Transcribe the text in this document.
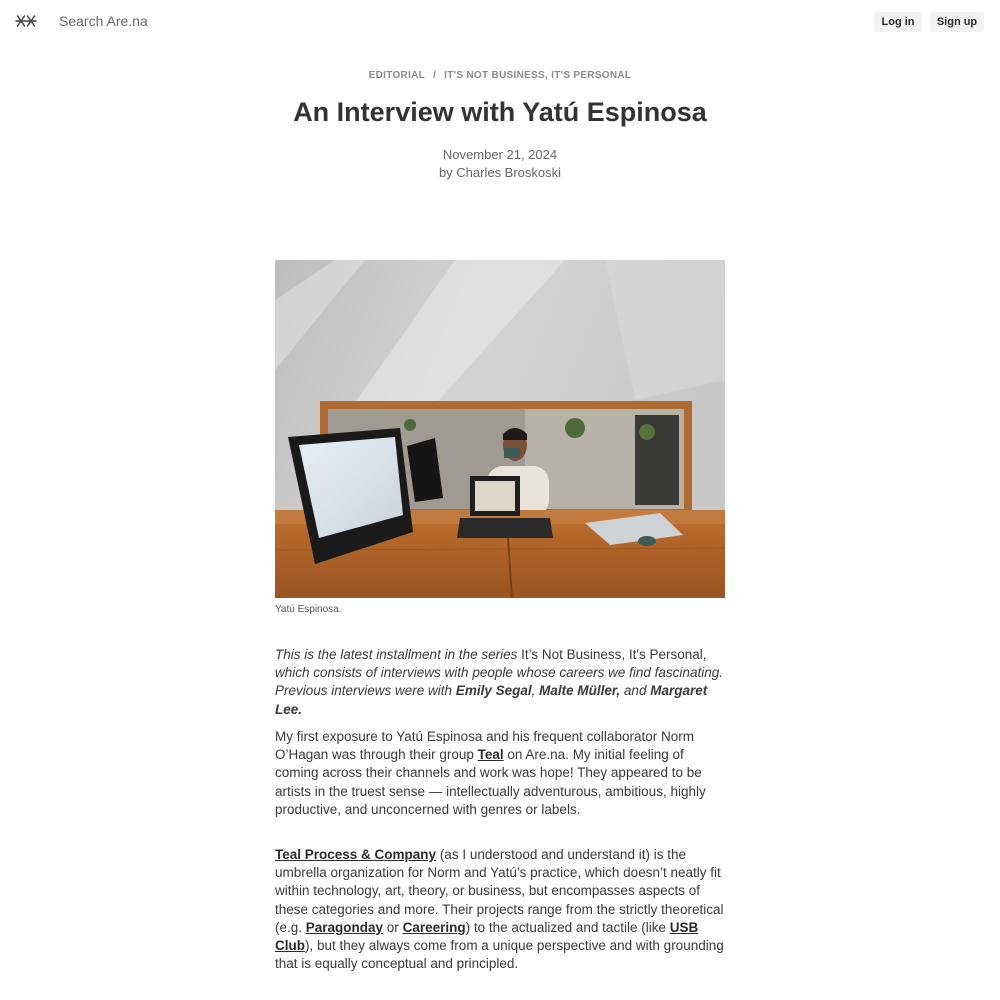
Search Are.na	Log in	Sign up
EDITORIAL / IT'S NOT BUSINESS, IT'S PERSONAL
An Interview with Yatú Espinosa
November 21, 2024
by Charles Broskoski
Yatú Espinosa.

This is the latest installment in the series It’s Not Business, It's Personal, which consists of interviews with people whose careers we find fascinating. Previous interviews were with Emily Segal, Malte Müller, and Margaret Lee.

My first exposure to Yatú Espinosa and his frequent collaborator Norm O’Hagan was through their group Teal on Are.na. My initial feeling of coming across their channels and work was hope! They appeared to be artists in the truest sense — intellectually adventurous, ambitious, highly productive, and unconcerned with genres or labels.

Teal Process & Company (as I understood and understand it) is the umbrella organization for Norm and Yatú’s practice, which doesn’t neatly fit within technology, art, theory, or business, but encompasses aspects of these categories and more. Their projects range from the strictly theoretical (e.g. Paragonday or Careering) to the actualized and tactile (like USB Club), but they always come from a unique perspective and with grounding that is equally conceptual and principled.
